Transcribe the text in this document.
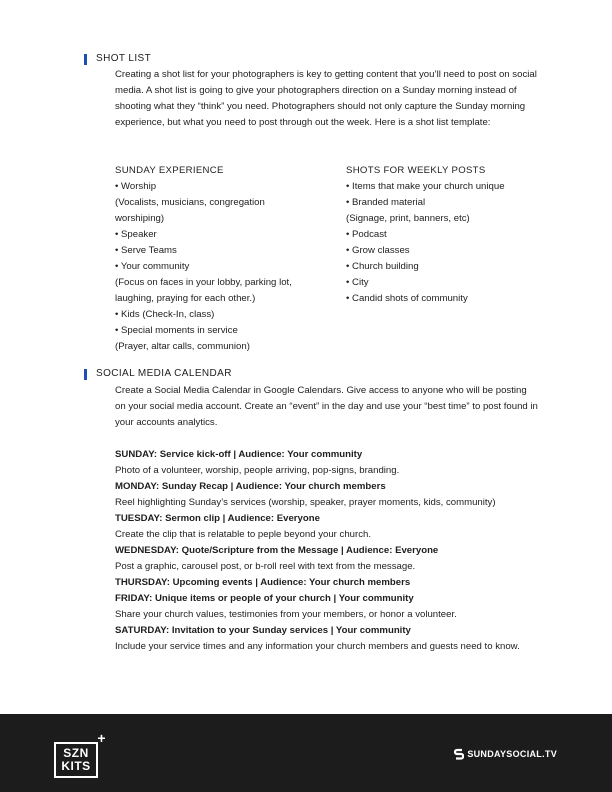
SHOT LIST

Creating a shot list for your photographers is key to getting content that you’ll need to post on social media. A shot list is going to give your photographers direction on a Sunday morning instead of shooting what they “think” you need. Photographers should not only capture the Sunday morning experience, but what you need to post through out the week. Here is a shot list template:

SUNDAY EXPERIENCE
• Worship
(Vocalists, musicians, congregation
worshiping)
• Speaker
• Serve Teams
• Your community
(Focus on faces in your lobby, parking lot,
laughing, praying for each other.)
• Kids (Check-In, class)
• Special moments in service
(Prayer, altar calls, communion)
SHOTS FOR WEEKLY POSTS
• Items that make your church unique
• Branded material
(Signage, print, banners, etc)
• Podcast
• Grow classes
• Church building
• City
• Candid shots of community
SOCIAL MEDIA CALENDAR

Create a Social Media Calendar in Google Calendars. Give access to anyone who will be posting on your social media account. Create an “event” in the day and use your “best time” to post found in your accounts analytics.

SUNDAY: Service kick-off | Audience: Your community
Photo of a volunteer, worship, people arriving, pop-signs, branding.
MONDAY: Sunday Recap | Audience: Your church members
Reel highlighting Sunday’s services (worship, speaker, prayer moments, kids, community)
TUESDAY: Sermon clip | Audience: Everyone
Create the clip that is relatable to peple beyond your church.
WEDNESDAY: Quote/Scripture from the Message | Audience: Everyone
Post a graphic, carousel post, or b-roll reel with text from the message.
THURSDAY: Upcoming events | Audience: Your church members
FRIDAY: Unique items or people of your church | Your community
Share your church values, testimonies from your members, or honor a volunteer.
SATURDAY: Invitation to your Sunday services | Your community
Include your service times and any information your church members and guests need to know.
SZN
KITS
+
SUNDAYSOCIAL.TV
